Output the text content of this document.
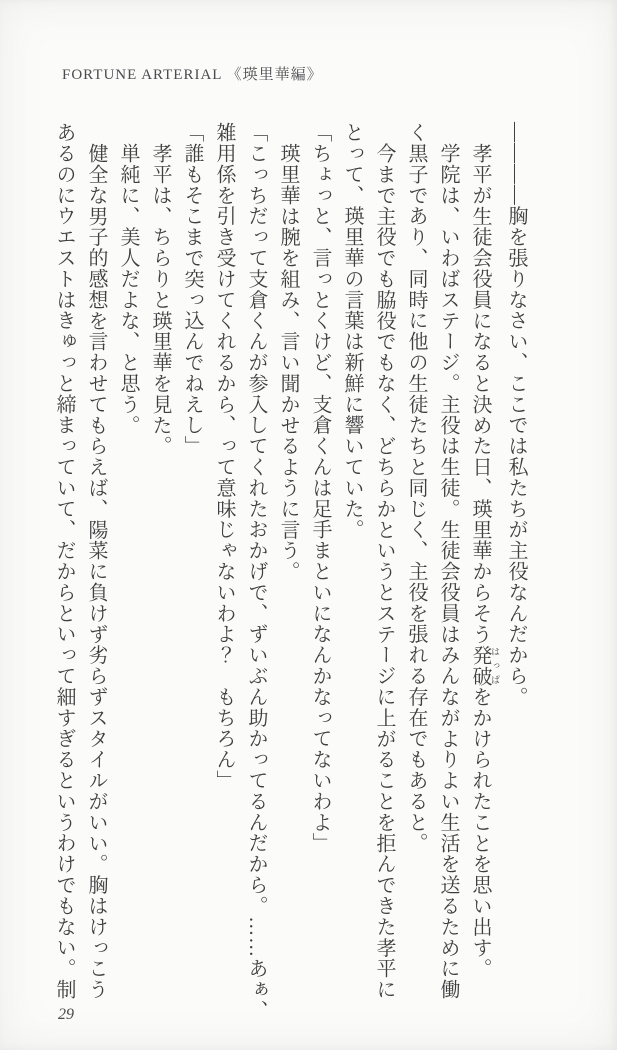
FORTUNE ARTERIAL 《瑛里華編》

――――胸を張りなさい、ここでは私たちが主役なんだから。

孝平が生徒会役員になると決めた日、瑛里華からそう発破 はっぱをかけられたことを思い出す。

学院は、いわばステージ。主役は生徒。生徒会役員はみんながよりよい生活を送るために働

く黒子であり、同時に他の生徒たちと同じく、主役を張れる存在でもあると。

今まで主役でも脇役でもなく、どちらかというとステージに上がることを拒んできた孝平に

とって、瑛里華の言葉は新鮮に響いていた。

「ちょっと、言っとくけど、支倉くんは足手まといになんかなってないわよ」

瑛里華は腕を組み、言い聞かせるように言う。

「こっちだって支倉くんが参入してくれたおかげで、ずいぶん助かってるんだから。……あぁ、

雑用係を引き受けてくれるから、って意味じゃないわよ？　もちろん」

「誰もそこまで突っ込んでねえし」

孝平は、ちらりと瑛里華を見た。

単純に、美人だよな、と思う。

健全な男子的感想を言わせてもらえば、陽菜に負けず劣らずスタイルがいい。胸はけっこう

あるのにウエストはきゅっと締まっていて、だからといって細すぎるというわけでもない。制

29
